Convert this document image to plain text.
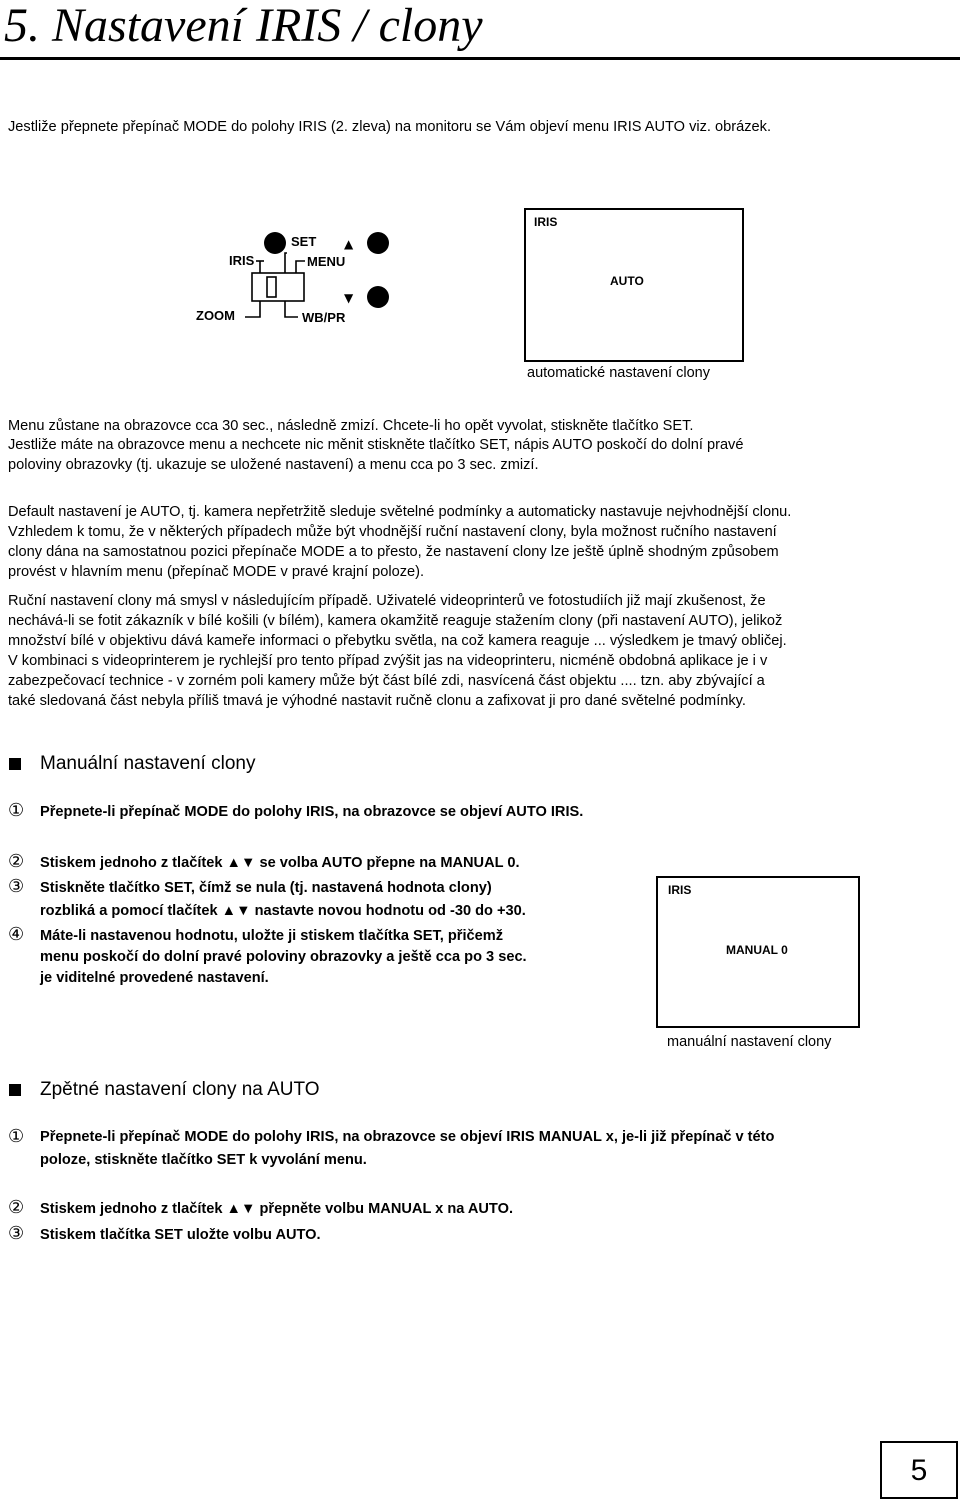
5. Nastavení IRIS / clony
Jestliže přepnete přepínač MODE do polohy IRIS (2. zleva) na monitoru se Vám objeví menu IRIS AUTO viz. obrázek.
SET ▲
▼
IRIS	MENU
ZOOM	WB/PR
IRIS
AUTO
automatické nastavení clony
Menu zůstane na obrazovce cca 30 sec., následně zmizí. Chcete-li ho opět vyvolat, stiskněte tlačítko SET.
Jestliže máte na obrazovce menu a nechcete nic měnit stiskněte tlačítko SET, nápis AUTO poskočí do dolní pravé
poloviny obrazovky (tj. ukazuje se uložené nastavení) a menu cca po 3 sec. zmizí.
Default nastavení je AUTO, tj. kamera nepřetržitě sleduje světelné podmínky a automaticky nastavuje nejvhodnější clonu.
Vzhledem k tomu, že v některých případech může být vhodnější ruční nastavení clony, byla možnost ručního nastavení
clony dána na samostatnou pozici přepínače MODE a to přesto, že nastavení clony lze ještě úplně shodným způsobem
provést v hlavním menu (přepínač MODE v pravé krajní poloze).
Ruční nastavení clony má smysl v následujícím případě. Uživatelé videoprinterů ve fotostudiích již mají zkušenost, že
nechává-li se fotit zákazník v bílé košili (v bílém), kamera okamžitě reaguje stažením clony (při nastavení AUTO), jelikož
množství bílé v objektivu dává kameře informaci o přebytku světla, na což kamera reaguje ... výsledkem je tmavý obličej.
V kombinaci s videoprinterem je rychlejší pro tento případ zvýšit jas na videoprinteru, nicméně obdobná aplikace je i v
zabezpečovací technice - v zorném poli kamery může být část bílé zdi, nasvícená část objektu .... tzn. aby zbývající a
také sledovaná část nebyla příliš tmavá je výhodné nastavit ručně clonu a zafixovat ji pro dané světelné podmínky.
Manuální nastavení clony
① Přepnete-li přepínač MODE do polohy IRIS, na obrazovce se objeví AUTO IRIS.
② Stiskem jednoho z tlačítek ▲▼ se volba AUTO přepne na MANUAL 0.
③ Stiskněte tlačítko SET, čímž se nula (tj. nastavená hodnota clony)
rozbliká a pomocí tlačítek ▲▼ nastavte novou hodnotu od -30 do +30.
④ Máte-li nastavenou hodnotu, uložte ji stiskem tlačítka SET, přičemž
menu poskočí do dolní pravé poloviny obrazovky a ještě cca po 3 sec.
je viditelné provedené nastavení.
IRIS
MANUAL 0
manuální nastavení clony
Zpětné nastavení clony na AUTO
① Přepnete-li přepínač MODE do polohy IRIS, na obrazovce se objeví IRIS MANUAL x, je-li již přepínač v této
poloze, stiskněte tlačítko SET k vyvolání menu.
② Stiskem jednoho z tlačítek ▲▼ přepněte volbu MANUAL x na AUTO.
③ Stiskem tlačítka SET uložte volbu AUTO.
5
